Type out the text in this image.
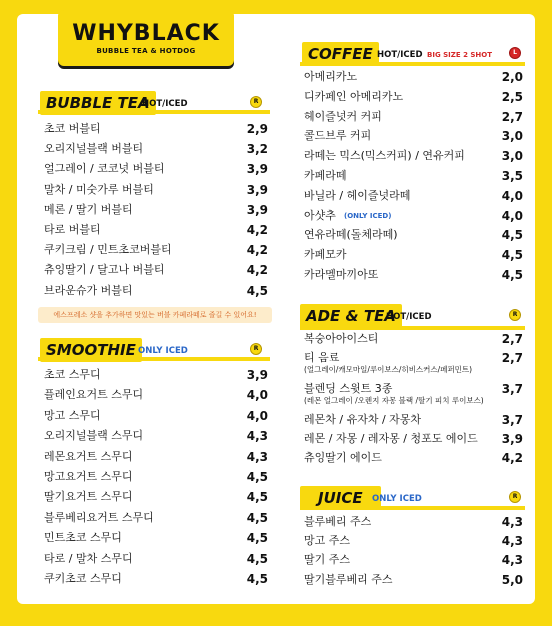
WHYBLACK
BUBBLE TEA & HOTDOG
BUBBLE TEA
HOT/ICED	R
초코 버블티	2,9
오리지널블랙 버블티	3,2
얼그레이 / 코코넛 버블티	3,9
말차 / 미숫가루 버블티	3,9
메론 / 딸기 버블티	3,9
타로 버블티	4,2
쿠키크림 / 민트초코버블티	4,2
츄잉딸기 / 달고나 버블티	4,2
브라운슈가 버블티	4,5
에스프레소 샷을 추가하면 맛있는 버블 카페라떼로 즐길 수 있어요!
SMOOTHIE ONLY ICED	R
초코 스무디	3,9
플레인요거트 스무디	4,0
망고 스무디	4,0
오리지널블랙 스무디	4,3
레몬요거트 스무디	4,3
망고요거트 스무디	4,5
딸기요거트 스무디	4,5
블루베리요거트 스무디	4,5
민트초코 스무디	4,5
타로 / 말차 스무디	4,5
쿠키초코 스무디	4,5
COFFEE HOT/ICED BIG SIZE 2 SHOT	L
아메리카노	2,0
디카페인 아메리카노	2,5
헤이즐넛커 커피	2,7
콜드브루 커피	3,0
라떼는 믹스(믹스커피) / 연유커피	3,0
카페라떼	3,5
바닐라 / 헤이즐넛라떼	4,0
아샷추 (ONLY ICED)	4,0
연유라떼(돌체라떼)	4,5
카페모카	4,5
카라멜마끼아또	4,5
ADE & TEA
HOT/ICED	R
복숭아아이스티	2,7
티 음료	2,7
(얼그레이/캐모마일/루이보스/히비스커스/페퍼민트)
블렌딩 스윗트 3종	3,7
(레몬 얼그레이 /오렌지 자몽 블랙 /딸기 피치 루이보스)
레몬차 / 유자차 / 자몽차	3,7
레몬 / 자몽 / 레자몽 / 청포도 에이드 3,9
츄잉딸기 에이드	4,2
JUICE	ONLY ICED	R
블루베리 주스	4,3
망고 주스	4,3
딸기 주스	4,3
딸기블루베리 주스	5,0
